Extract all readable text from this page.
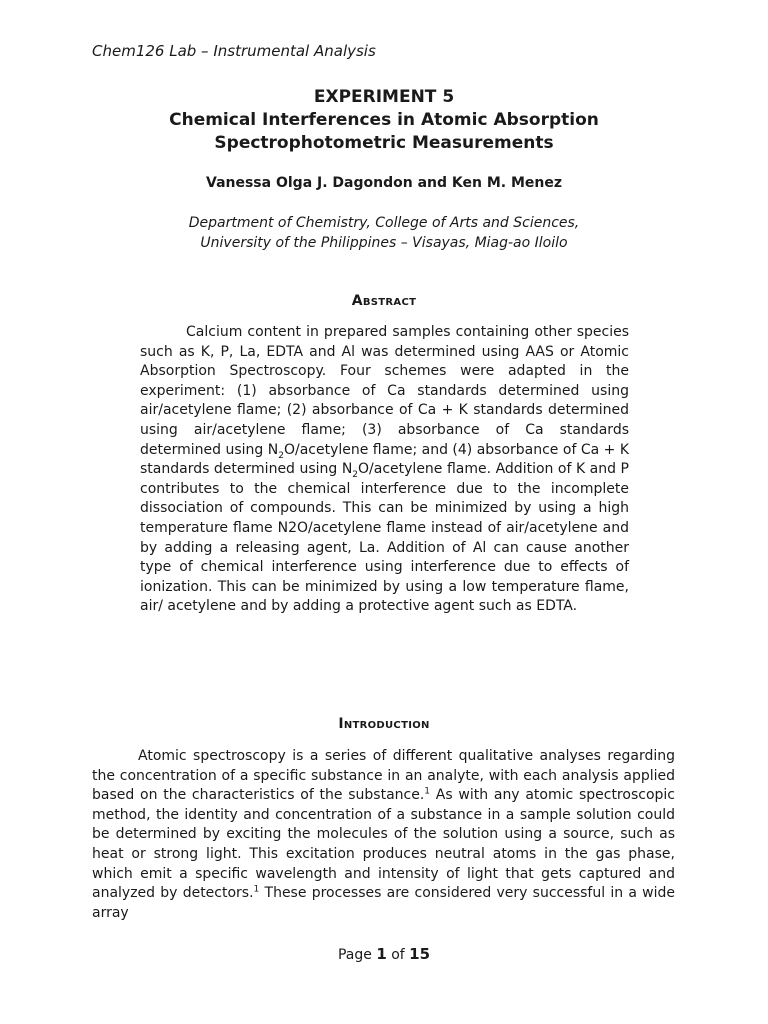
Chem126 Lab – Instrumental Analysis
EXPERIMENT 5
Chemical Interferences in Atomic Absorption
Spectrophotometric Measurements
Vanessa Olga J. Dagondon and Ken M. Menez
Department of Chemistry, College of Arts and Sciences,
University of the Philippines – Visayas, Miag-ao Iloilo
Abstract

Calcium content in prepared samples containing other species such as K, P, La, EDTA and Al was determined using AAS or Atomic Absorption Spectroscopy. Four schemes were adapted in the experiment: (1) absorbance of Ca standards determined using air/acetylene flame; (2) absorbance of Ca + K standards determined using air/acetylene flame; (3) absorbance of Ca standards determined using $N_2O$/acetylene flame; and (4) absorbance of Ca + K standards determined using $N_2O$/acetylene flame. Addition of K and P contributes to the chemical interference due to the incomplete dissociation of compounds. This can be minimized by using a high temperature flame N2O/acetylene flame instead of air/acetylene and by adding a releasing agent, La. Addition of Al can cause another type of chemical interference using interference due to effects of ionization. This can be minimized by using a low temperature flame, air/ acetylene and by adding a protective agent such as EDTA.

Introduction

Atomic spectroscopy is a series of different qualitative analyses regarding the concentration of a specific substance in an analyte, with each analysis applied based on the characteristics of the substance.$^1$ As with any atomic spectroscopic method, the identity and concentration of a substance in a sample solution could be determined by exciting the molecules of the solution using a source, such as heat or strong light. This excitation produces neutral atoms in the gas phase, which emit a specific wavelength and intensity of light that gets captured and analyzed by detectors.$^1$ These processes are considered very successful in a wide array

Page 1 of 15
